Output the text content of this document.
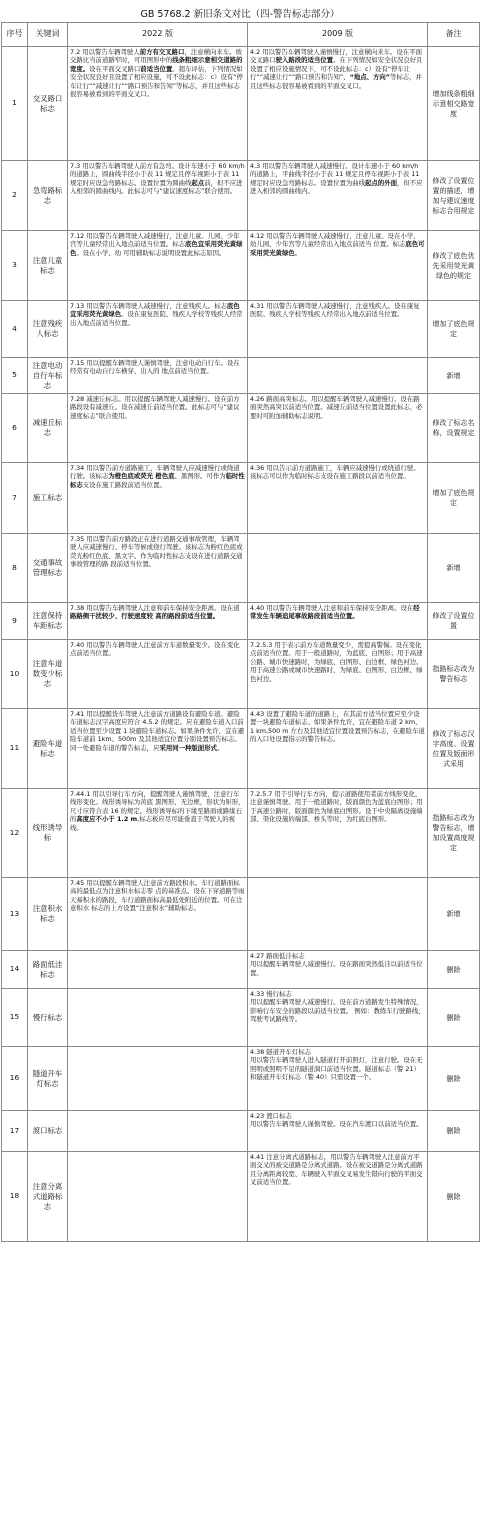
GB 5768.2 新旧条文对比（四-警告标志部分）
序号	关键词	2022 版	2009 版	备注
1	交叉路口标志	7.2 用以警告车辆驾驶人前方有交叉路口，注意横向来车。坡交路比当前道路窄时，可用图形中的线条粗细示意相交道路的宽度。设在平面交叉路口前适当位置。超车评估，下列情况如安全状况良好且设置了相应设施，可不设此标志：c）设有“停车让行”“减速让行”“路口预告和告知”等标志，并且这些标志很容易被看到的平面交叉口。	4.2 用以警告车辆驾驶人谨慎慢行，注意横向来车。设在平面交叉路口驶入路段的适当位置。在下列情况如安全状况良好且设置了相应设施情况下，可不设此标志：c）设有“停车让行”“减速让行”“路口预告和告知”、“地点、方向”等标志，并且这些标志很容易被看到的平面交叉口。	增加线条粗细示意相交路宽度
2	急弯路标志	7.3 用以警告车辆驾驶人前方有急弯。设计车速小于 60 km/h 的道路上，圆曲线半径小于表 11 规定且停车视距小于表 11 规定时应设急弯路标志。设置位置为圆曲线起点前，但不应进入相邻的圆曲线内。此标志可与“建议速度标志”联合使用。	4.3 用以警告车辆驾驶人减速慢行。设计车速小于 60 km/h 的道路上，平曲线半径小于表 11 规定且停车视距小于表 11 规定时应设急弯路标志。设置位置为曲线起点的外面，但不应进入相邻的圆曲线内。	修改了设置位置的描述，增加与建议速度标志合用规定
3	注意儿童标志	7.12 用以警告车辆驾驶人减速慢行，注意儿童。儿园、少年宫等儿童经常出入地点前适当位置。标志底色宜采用荧光黄绿色。设在小学、幼 可用辅助标志说明设置此标志原因。	4.12 用以警告车辆驾驶人减速慢行，注意儿童。设在小学、幼儿园、少年宫等儿童经常出入地点前适当 位置。标志底色可采用荧光黄绿色。	修改了底色优先采用荧光黄绿色的规定
4	注意残疾人标志	7.13 用以警告车辆驾驶人减速慢行，注意残疾人。标志底色宜采用荧光黄绿色。设在康复医院、残疾人学校等残疾人经常出入地点前适当位置。	4.31 用以警告车辆驾驶人减速慢行，注意残疾人。设在康复医院、残疾人学校等残疾人经常出入地点前适当位置。	增加了底色规定
5	注意电动自行车标志	7.15 用以提醒车辆驾驶人谨慎驾驶，注意电动自行车。设在经常有电动自行车横穿、出入的 地点前适当位置。		新增
6	减速丘标志	7.28 减速丘标志。用以提醒车辆驾驶人减速慢行。设在前方路段设有减速丘。设在减速丘前适当位置。此标志可与“建议速度标志”联合使用。	4.26 路面高突标志。用以提醒车辆驾驶人减速慢行。设在路面突然高突以前适当位置。减速丘前适当位置设置此标志，必要时可附加辅助标志说明。	修改了标志名称，设置规定
7	施工标志	7.34 用以警告前方道路施工，车辆驾驶人应减速慢行或绕道行驶。该标志为橙色底或荧光 橙色底、黑图形。可作为临时性标志支设在施工路段前适当位置。	4.36 用以告示前方道路施工，车辆应减速慢行或绕道行驶。该标志可以作为临时标志支设在施工路段以前适当位置。	增加了底色规定
8	交通事故管理标志	7.35 用以警告前方路段正在进行道路交通事故管理，车辆驾驶人应减速慢行、停车等候或绕行驾驶。该标志为粉红色底或荧光粉红色底、黑文字。作为临时性标志支设在进行道路交通事故管理的路 段前适当位置。		新增
9	注意保持车距标志	7.38 用以警告车辆驾驶人注意和前车保持安全距离。设在道路路侧干扰较少、行驶速度较 高的路段前适当位置。	4.40 用以警告车辆驾驶人注意和前车保持安全距离。设在经常发生车辆追尾事故路段前适当位置。	修改了设置位置
10	注意车道数变少标志	7.40 用以警告车辆驾驶人注意前方车道数量变少。设在变化点前适当位置。	7.2.5.3 用于表示前方车道数量变少，需提高警惕。设在变化点前适当位置。用于一般道路时，为蓝底、白图形；用于高速公路、城市快速路时，为绿底、白图形、白边框、绿色衬边。用于高速公路或城市快速路时，为绿底、白图形、白边框、绿色衬边。	指路标志改为警告标志
11	避险车道标志	7.41 用以提醒货车驾驶人注意前方道路设有避险车道。避险车道标志汉字高度应符合 4.5.2 的规定。应在避险车道入口前适当位置至少设置 1 块避险车道标志。如果条件允许，宜在避险车道前 1km、500m 及其他适宜位置分别设置预告标志。同一处避险车道的警告标志，应采用同一种版面形式。	4.43 设置了避险车道的道路上，在其前方适当位置应至少设置一块避险车道标志。如果条件允许，宜在避险车道 2 km、1 km,500 m 左右及其他适宜位置设置预告标志，在避险车道的入口处设置指示的警告标志。	修改了标志汉字高度、设置位置及版面形式采用
12	线形诱导标	7.44.1 用以引导行车方向，提醒驾驶人谨慎驾驶，注意行车线形变化。线形诱导标为黄底 黑图形、无边框，形状为矩形，尺寸应符合表 16 的规定。线形诱导标的下缘至路面或路缘石的高度应不小于 1.2 m,标志板应尽可能垂直于驾驶人的视线。	7.2.5.7 用于引导行车方向，提示道路使用者前方线形变化，注意谨慎驾驶。用于一般道路时，版面颜色为蓝底白图形；用于高速公路时，版面颜色为绿底白图形。设于中央隔离设施端部、渠化设施的端部、桥头等时，为红底白图形。	指路标志改为警告标志，增加设置高度规定
13	注意积水标志	7.45 用以提醒车辆驾驶人注意前方路段积水。车行道路面标高的最低点为注意积水标志零 点的基准点。设在下穿道路等雨天易积水的路段，车行道路面标高最低处附近的位置。可在注意积水 标志的上方设置“注意积水”辅助标志。		新增
14	路面低洼标志		4.27 路面低洼标志
用以提醒车辆驾驶人减速慢行。设在路面突然低洼以前适当位置。	删除
15	慢行标志		4.33 慢行标志
用以提醒车辆驾驶人减速慢行。设在前方道路发生特殊情况，影响行车安全的路段以前适当位置。 例如：教练车行驶路线、驾驶考试路线等。	删除
16	隧道开车灯标志		4.38 隧道开车灯标志
用以警告车辆驾驶人进入隧道打开前照灯，注意行驶。设在无照明或照明不足的隧道洞口前适当位置。隧道标志（警 21）和隧道开车灯标志（警 40）只需设置一个。	删除
17	渡口标志		4.23 渡口标志
用以警告车辆驾驶人谨慎驾驶。设在汽车渡口以前适当位置。	删除
18	注意分离式道路标志		4.41 注意分离式道路标志，用以警告车辆驾驶人注意前方平面交叉的被交道路是分离式道路。设在被交道路是分离式道路且分离距离较宽、车辆驶入平面交叉易发生错向行驶的平面交叉前适当位置。	删除
